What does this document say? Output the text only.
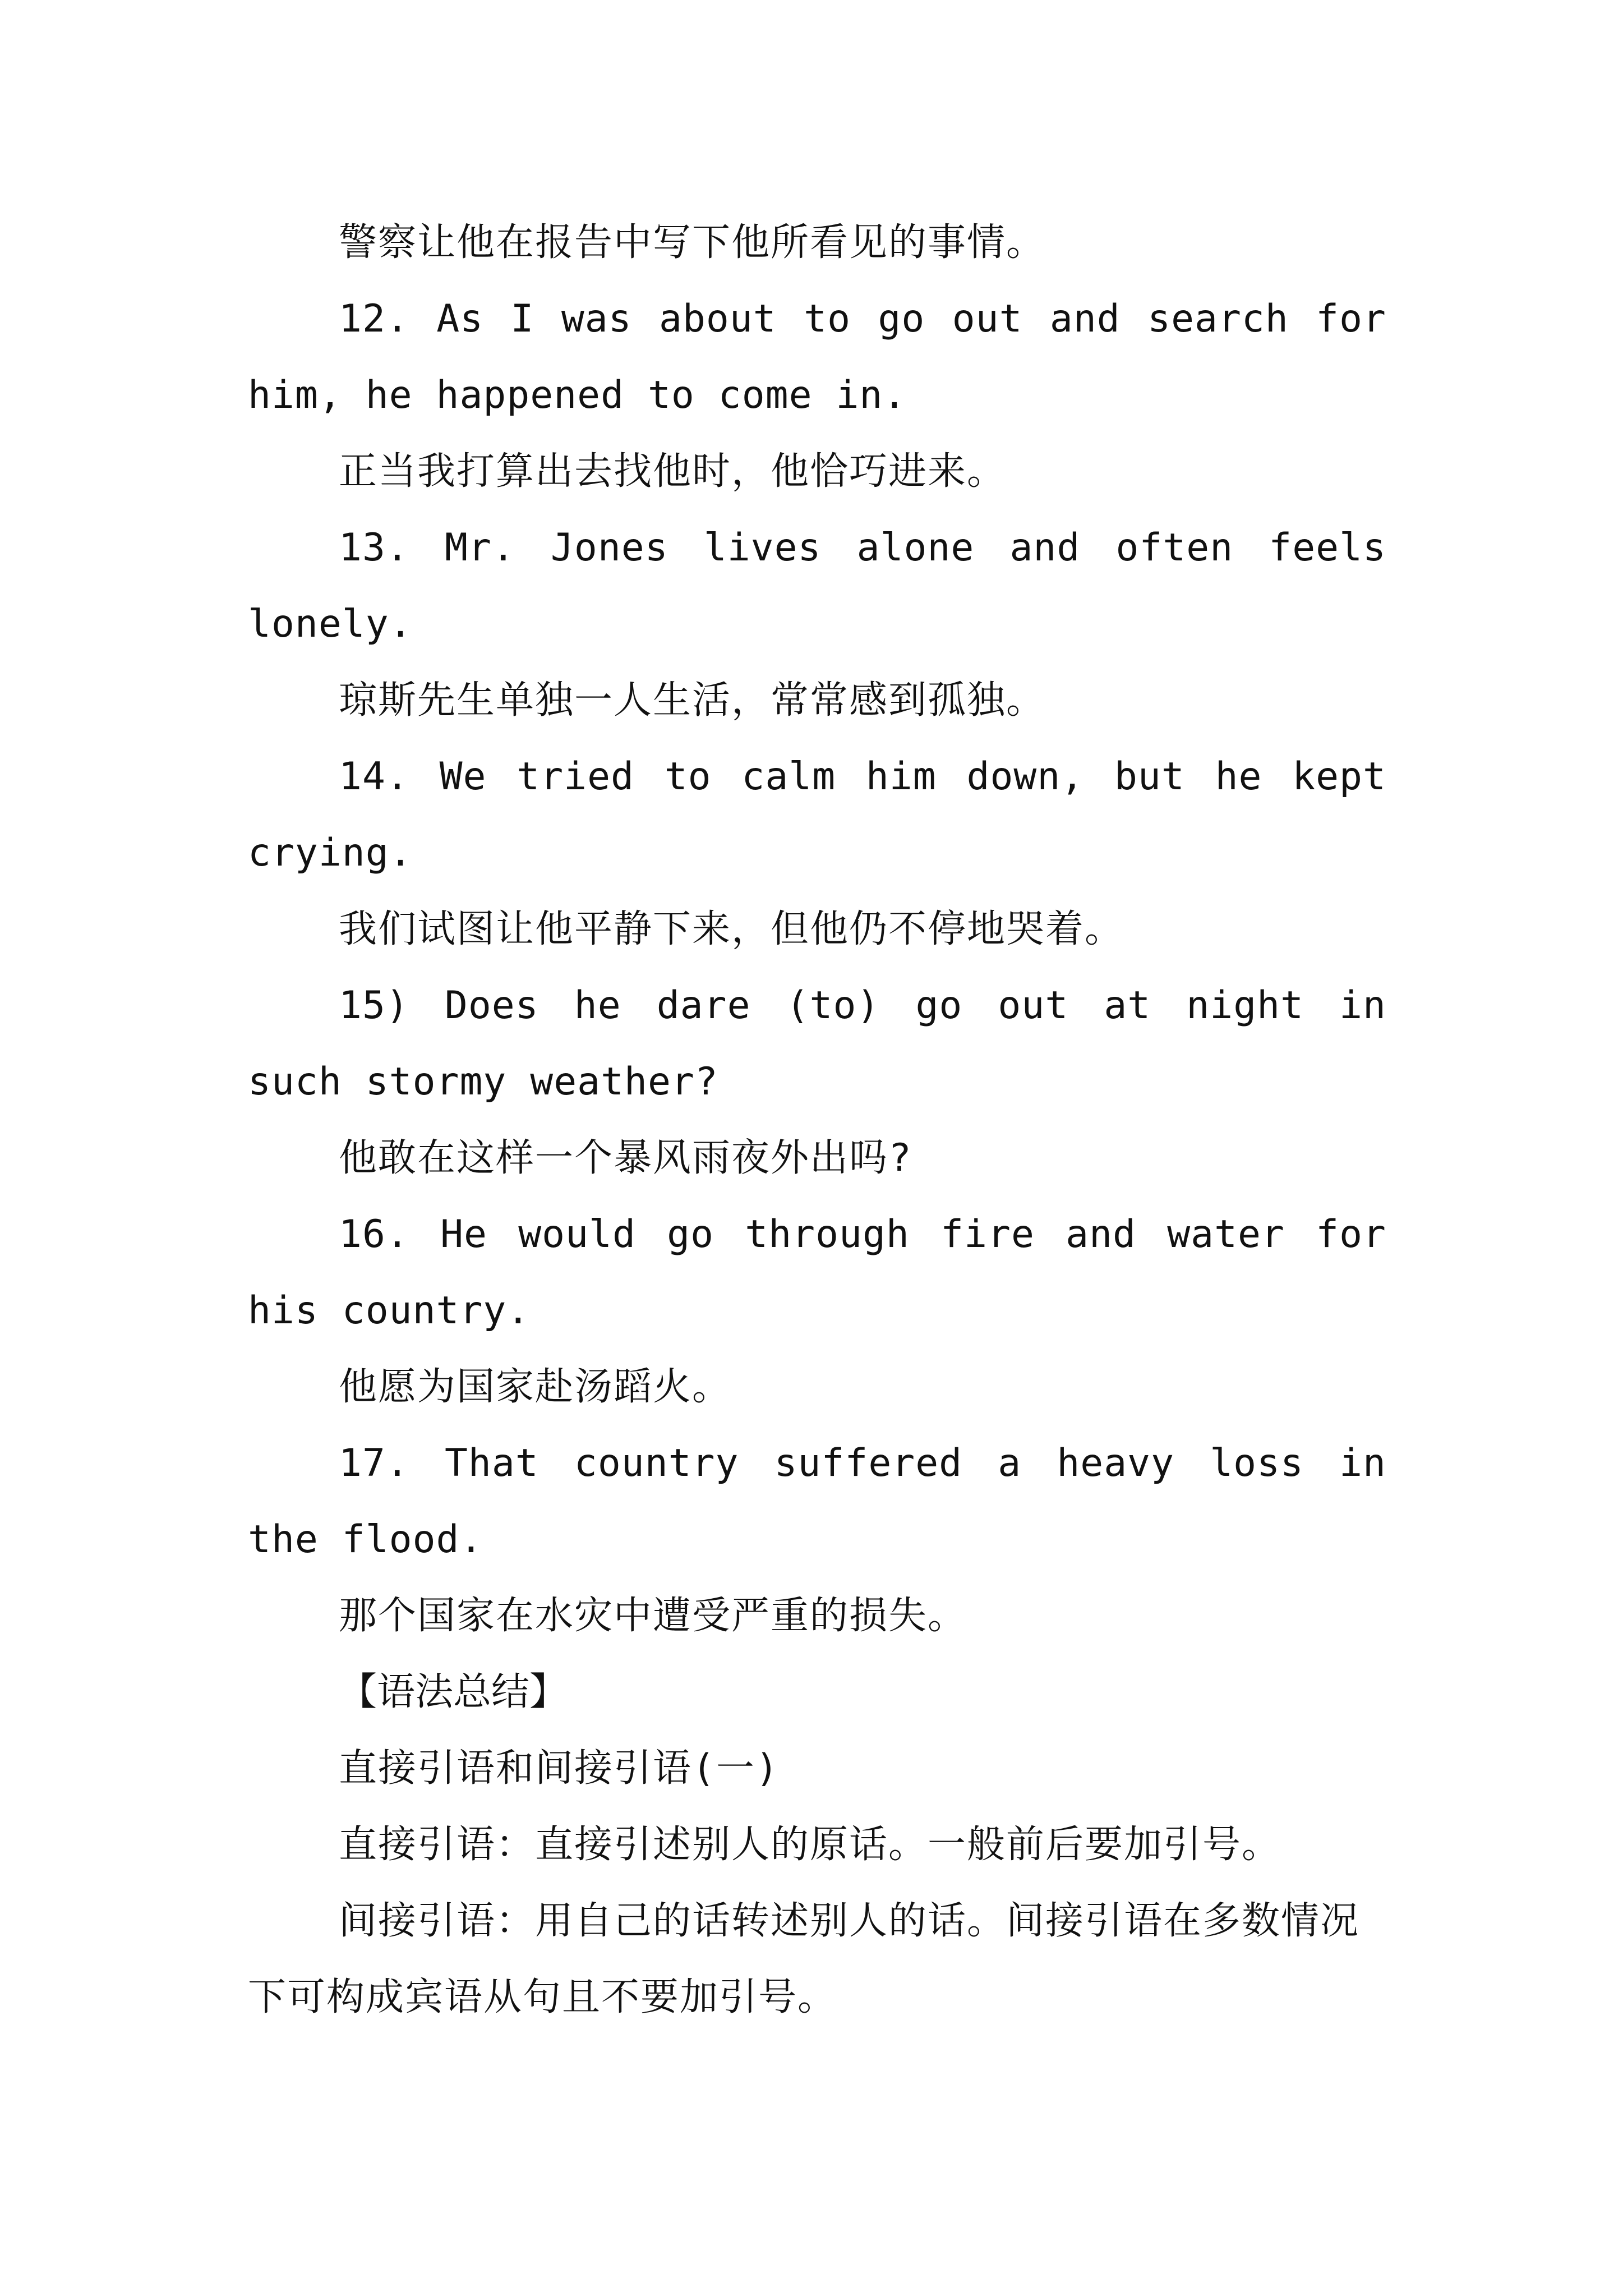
警察让他在报告中写下他所看见的事情。

12. As I was about to go out and search for him, he happened to come in.

正当我打算出去找他时，他恰巧进来。

13. Mr. Jones lives alone and often feels lonely.

琼斯先生单独一人生活，常常感到孤独。

14. We tried to calm him down, but he kept crying.

我们试图让他平静下来，但他仍不停地哭着。

15) Does he dare (to) go out at night in such stormy weather?

他敢在这样一个暴风雨夜外出吗?

16. He would go through fire and water for his country.

他愿为国家赴汤蹈火。

17. That country suffered a heavy loss in the flood.

那个国家在水灾中遭受严重的损失。

【语法总结】

直接引语和间接引语(一)

直接引语：直接引述别人的原话。一般前后要加引号。

间接引语：用自己的话转述别人的话。间接引语在多数情况下可构成宾语从句且不要加引号。
